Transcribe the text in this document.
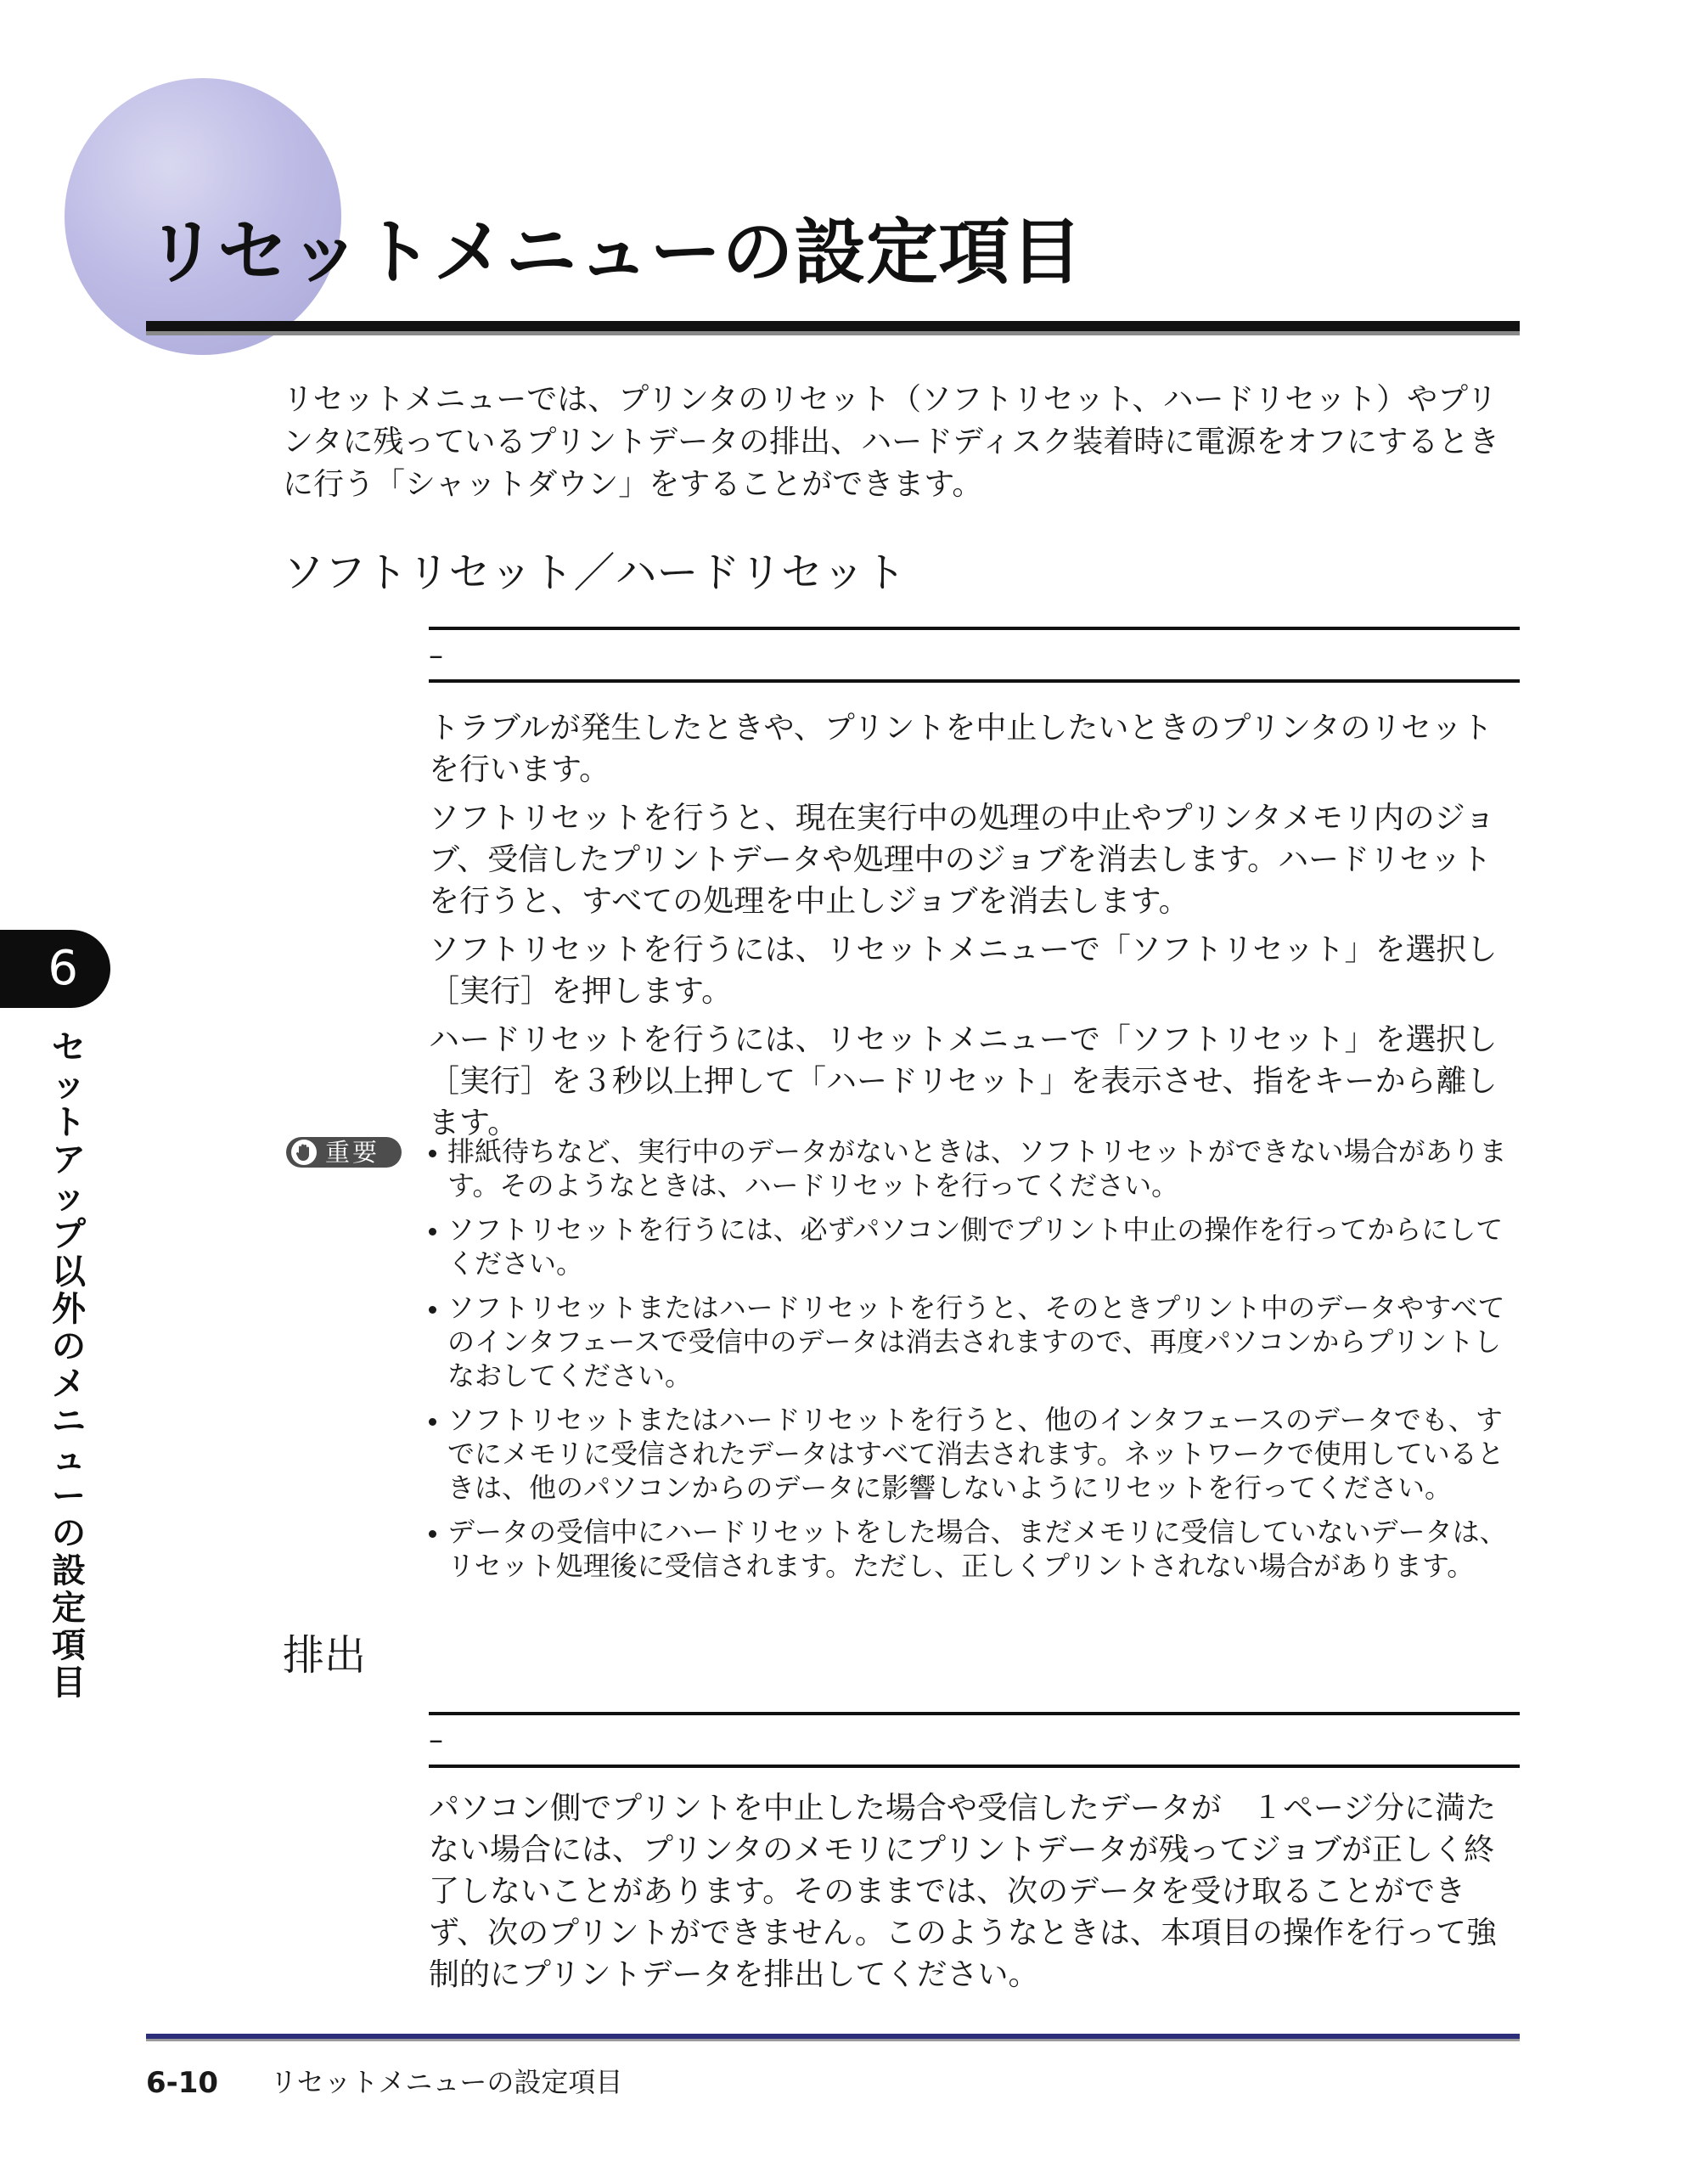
リセットメニューの設定項目

リセットメニューでは、プリンタのリセット（ソフトリセット、ハードリセット）やプリンタに残っているプリントデータの排出、ハードディスク装着時に電源をオフにするときに行う「シャットダウン」をすることができます。

ソフトリセット／ハードリセット
–

トラブルが発生したときや、プリントを中止したいときのプリンタのリセットを行います。

ソフトリセットを行うと、現在実行中の処理の中止やプリンタメモリ内のジョブ、受信したプリントデータや処理中のジョブを消去します。ハードリセットを行うと、すべての処理を中止しジョブを消去します。

ソフトリセットを行うには、リセットメニューで「ソフトリセット」を選択し［実行］を押します。

ハードリセットを行うには、リセットメニューで「ソフトリセット」を選択し［実行］を３秒以上押して「ハードリセット」を表示させ、指をキーから離します。

重要	排紙待ちなど、実行中のデータがないときは、ソフトリセットができない場合があります。そのようなときは、ハードリセットを行ってください。
ソフトリセットを行うには、必ずパソコン側でプリント中止の操作を行ってからにしてください。
ソフトリセットまたはハードリセットを行うと、そのときプリント中のデータやすべてのインタフェースで受信中のデータは消去されますので、再度パソコンからプリントしなおしてください。
ソフトリセットまたはハードリセットを行うと、他のインタフェースのデータでも、すでにメモリに受信されたデータはすべて消去されます。ネットワークで使用しているときは、他のパソコンからのデータに影響しないようにリセットを行ってください。
データの受信中にハードリセットをした場合、まだメモリに受信していないデータは、リセット処理後に受信されます。ただし、正しくプリントされない場合があります。
排出
–

パソコン側でプリントを中止した場合や受信したデータが　１ページ分に満たない場合には、プリンタのメモリにプリントデータが残ってジョブが正しく終了しないことがあります。そのままでは、次のデータを受け取ることができず、次のプリントができません。このようなときは、本項目の操作を行って強制的にプリントデータを排出してください。

6
セットアップ以外のメニューの設定項目
6-10 リセットメニューの設定項目
